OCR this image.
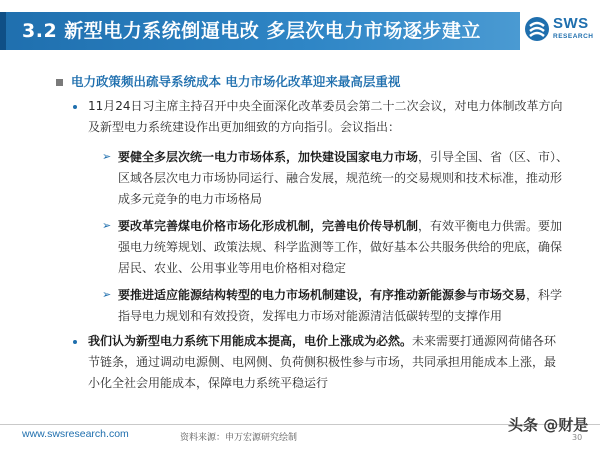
3.2 新型电力系统倒逼电改 多层次电力市场逐步建立	SWS
RESEARCH
电力政策频出疏导系统成本 电力市场化改革迎来最高层重视
11月24日习主席主持召开中央全面深化改革委员会第二十二次会议，对电力体制改革方向
及新型电力系统建设作出更加细致的方向指引。会议指出：
➢ 要健全多层次统一电力市场体系，加快建设国家电力市场，引导全国、省（区、市）、
区域各层次电力市场协同运行、融合发展，规范统一的交易规则和技术标准，推动形
成多元竞争的电力市场格局
➢ 要改革完善煤电价格市场化形成机制，完善电价传导机制，有效平衡电力供需。要加
强电力统筹规划、政策法规、科学监测等工作，做好基本公共服务供给的兜底，确保
居民、农业、公用事业等用电价格相对稳定
➢ 要推进适应能源结构转型的电力市场机制建设，有序推动新能源参与市场交易，科学
指导电力规划和有效投资，发挥电力市场对能源清洁低碳转型的支撑作用
我们认为新型电力系统下用能成本提高，电价上涨成为必然。未来需要打通源网荷储各环
节链条，通过调动电源侧、电网侧、负荷侧积极性参与市场，共同承担用能成本上涨，最
小化全社会用能成本，保障电力系统平稳运行
www.swsresearch.com	资料来源：申万宏源研究绘制
头条 @财是
30
